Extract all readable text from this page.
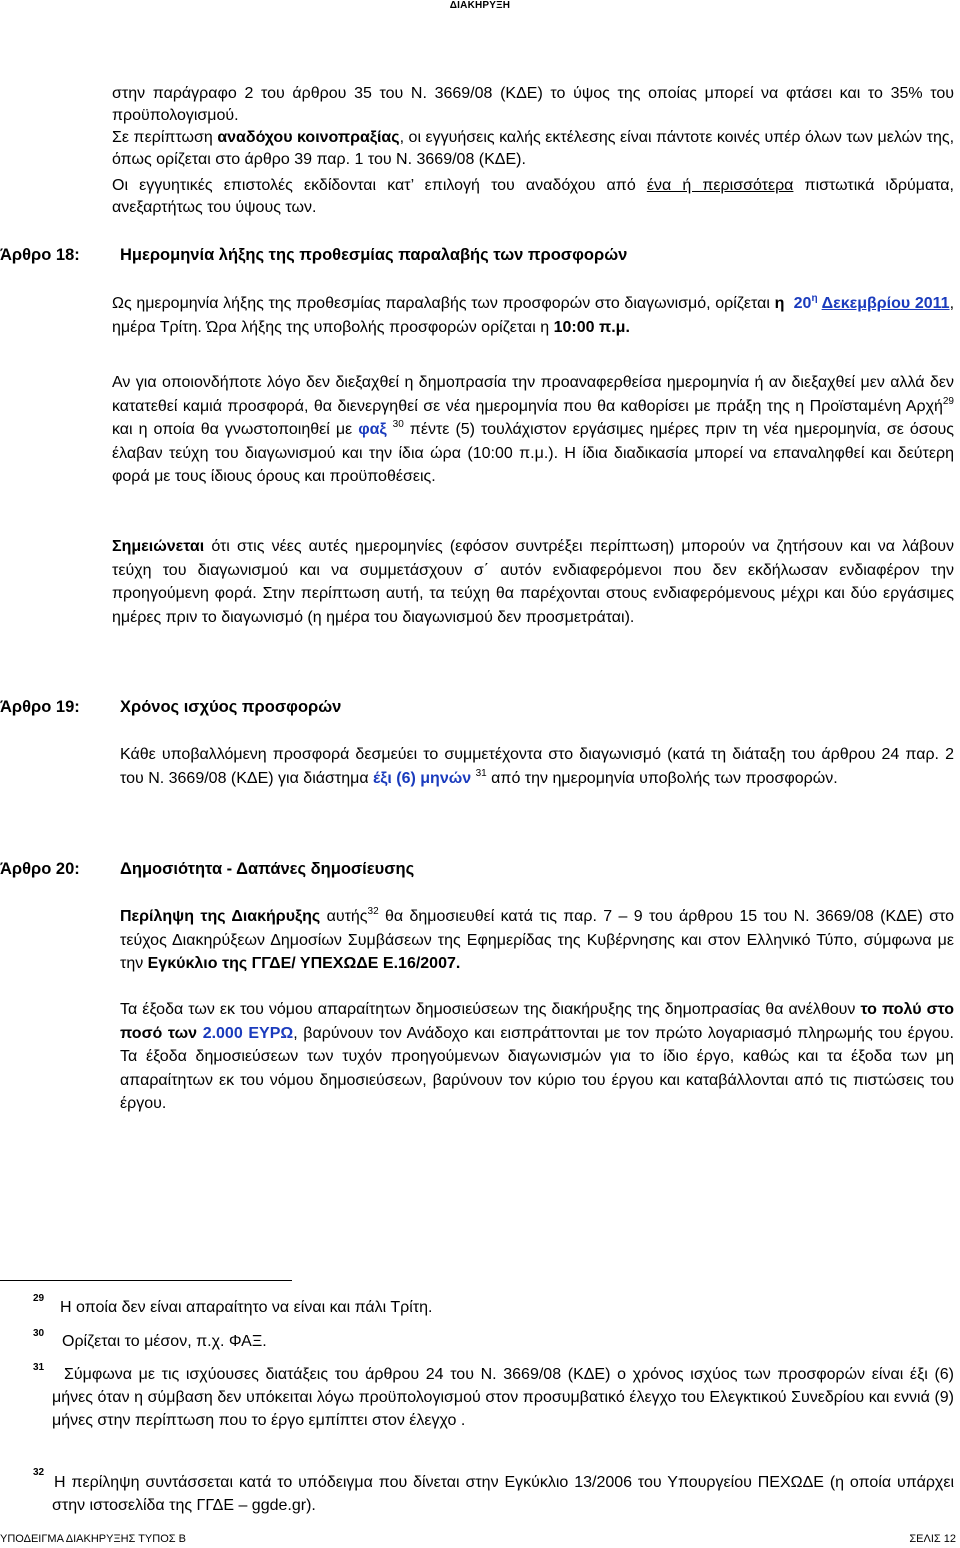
ΔΙΑΚΗΡΥΞΗ
στην παράγραφο 2 του άρθρου 35 του Ν. 3669/08 (ΚΔΕ) το ύψος της οποίας μπορεί να φτάσει και το 35% του προϋπολογισμού.
Σε περίπτωση αναδόχου κοινοπραξίας, οι εγγυήσεις καλής εκτέλεσης είναι πάντοτε κοινές υπέρ όλων των μελών της, όπως ορίζεται στο άρθρο 39 παρ. 1 του Ν. 3669/08 (ΚΔΕ).
Οι εγγυητικές επιστολές εκδίδονται κατ’ επιλογή του αναδόχου από ένα ή περισσότερα πιστωτικά ιδρύματα, ανεξαρτήτως του ύψους των.
Άρθρο 18: Ημερομηνία λήξης της προθεσμίας παραλαβής των προσφορών
Ως ημερομηνία λήξης της προθεσμίας παραλαβής των προσφορών στο διαγωνισμό, ορίζεται η $20^\eta$ Δεκεμβρίου 2011, ημέρα Τρίτη. Ώρα λήξης της υποβολής προσφορών ορίζεται η 10:00 π.μ.
Αν για οποιονδήποτε λόγο δεν διεξαχθεί η δημοπρασία την προαναφερθείσα ημερομηνία ή αν διεξαχθεί μεν αλλά δεν κατατεθεί καμιά προσφορά, θα διενεργηθεί σε νέα ημερομηνία που θα καθορίσει με πράξη της η Προϊσταμένη Αρχή$^{29}$ και η οποία θα γνωστοποιηθεί με φαξ $^{30}$ πέντε (5) τουλάχιστον εργάσιμες ημέρες πριν τη νέα ημερομηνία, σε όσους έλαβαν τεύχη του διαγωνισμού και την ίδια ώρα (10:00 π.μ.). Η ίδια διαδικασία μπορεί να επαναληφθεί και δεύτερη φορά με τους ίδιους όρους και προϋποθέσεις.
Σημειώνεται ότι στις νέες αυτές ημερομηνίες (εφόσον συντρέξει περίπτωση) μπορούν να ζητήσουν και να λάβουν τεύχη του διαγωνισμού και να συμμετάσχουν σ΄ αυτόν ενδιαφερόμενοι που δεν εκδήλωσαν ενδιαφέρον την προηγούμενη φορά. Στην περίπτωση αυτή, τα τεύχη θα παρέχονται στους ενδιαφερόμενους μέχρι και δύο εργάσιμες ημέρες πριν το διαγωνισμό (η ημέρα του διαγωνισμού δεν προσμετράται).
Άρθρο 19: Χρόνος ισχύος προσφορών
Κάθε υποβαλλόμενη προσφορά δεσμεύει το συμμετέχοντα στο διαγωνισμό (κατά τη διάταξη του άρθρου 24 παρ. 2 του Ν. 3669/08 (ΚΔΕ) για διάστημα έξι (6) μηνών $^{31}$ από την ημερομηνία υποβολής των προσφορών.
Άρθρο 20: Δημοσιότητα - Δαπάνες δημοσίευσης
Περίληψη της Διακήρυξης αυτής$^{32}$ θα δημοσιευθεί κατά τις παρ. 7 – 9 του άρθρου 15 του Ν. 3669/08 (ΚΔΕ) στο τεύχος Διακηρύξεων Δημοσίων Συμβάσεων της Εφημερίδας της Κυβέρνησης και στον Ελληνικό Τύπο, σύμφωνα με την Εγκύκλιο της ΓΓΔΕ/ ΥΠΕΧΩΔΕ Ε.16/2007.
Τα έξοδα των εκ του νόμου απαραίτητων δημοσιεύσεων της διακήρυξης της δημοπρασίας θα ανέλθουν το πολύ στο ποσό των 2.000 ΕΥΡΩ, βαρύνουν τον Ανάδοχο και εισπράττονται με τον πρώτο λογαριασμό πληρωμής του έργου. Τα έξοδα δημοσιεύσεων των τυχόν προηγούμενων διαγωνισμών για το ίδιο έργο, καθώς και τα έξοδα των μη απαραίτητων εκ του νόμου δημοσιεύσεων, βαρύνουν τον κύριο του έργου και καταβάλλονται από τις πιστώσεις του έργου.
29
Η οποία δεν είναι απαραίτητο να είναι και πάλι Τρίτη.
30 Ορίζεται το μέσον, π.χ. ΦΑΞ.
31	Σύμφωνα με τις ισχύουσες διατάξεις του άρθρου 24 του Ν. 3669/08 (ΚΔΕ) ο χρόνος ισχύος των προσφορών είναι έξι (6) μήνες όταν η σύμβαση δεν υπόκειται λόγω προϋπολογισμού στον προσυμβατικό έλεγχο του Ελεγκτικού Συνεδρίου και εννιά (9) μήνες στην περίπτωση που το έργο εμπίπτει στον έλεγχο .
32
Η περίληψη συντάσσεται κατά το υπόδειγμα που δίνεται στην Εγκύκλιο 13/2006 του Υπουργείου ΠΕΧΩΔΕ (η οποία υπάρχει στην ιστοσελίδα της ΓΓΔΕ – ggde.gr).
ΥΠΟΔΕΙΓΜΑ ΔΙΑΚΗΡΥΞΗΣ ΤΥΠΟΣ Β	ΣΕΛΙΣ 12
